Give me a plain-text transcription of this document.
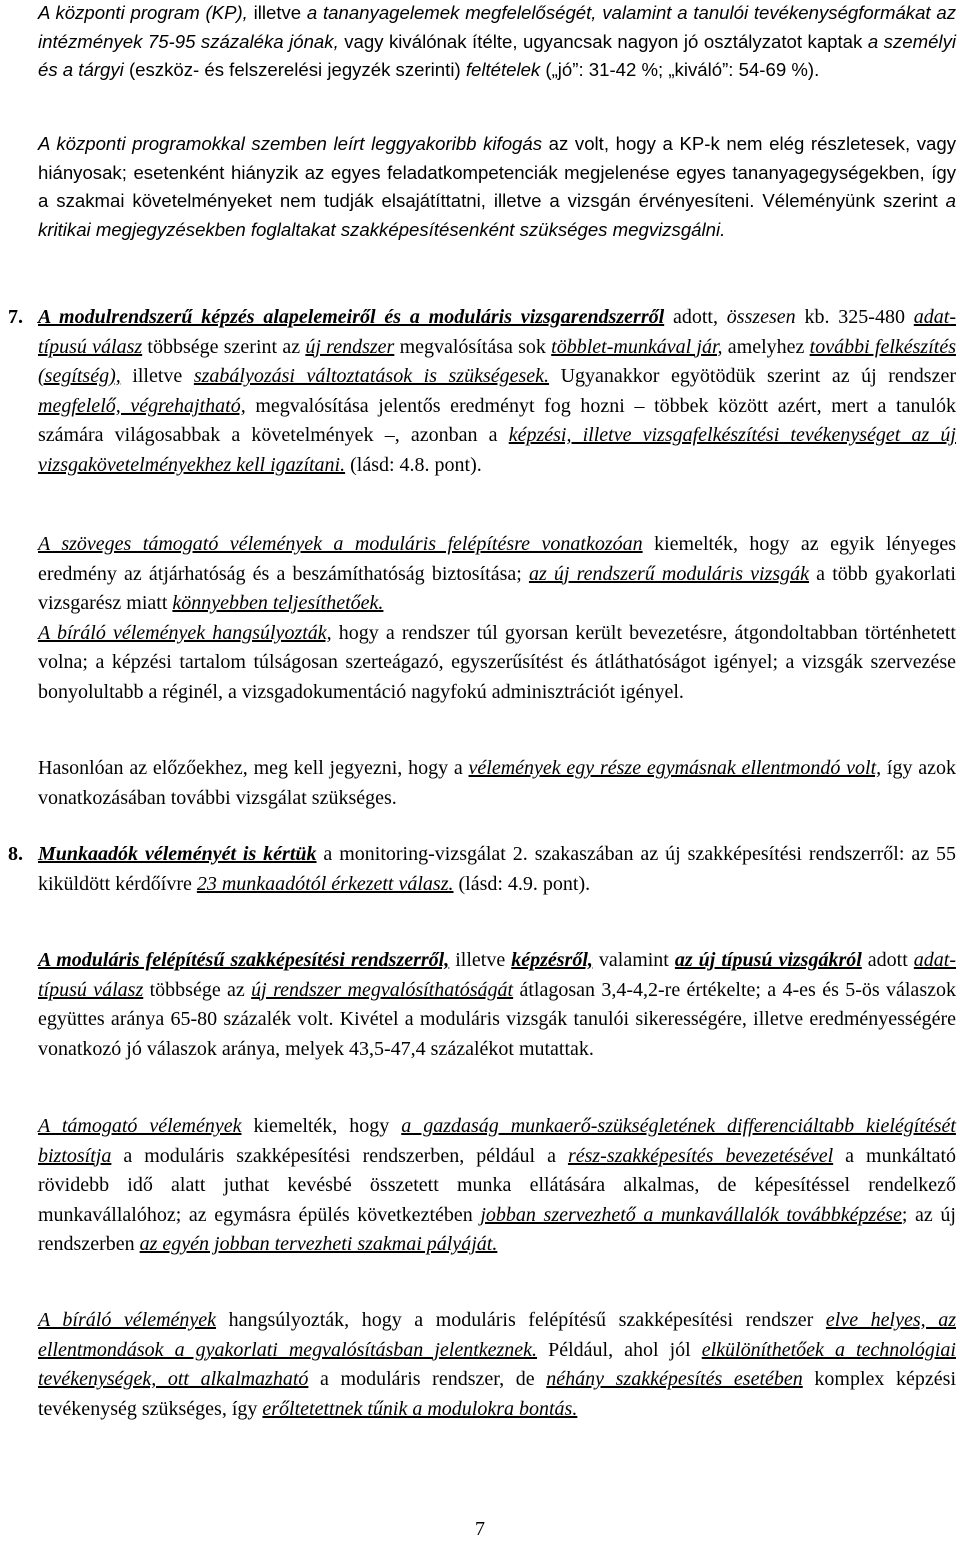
A központi program (KP), illetve a tananyagelemek megfelelőségét, valamint a tanulói tevékenységformákat az intézmények 75-95 százaléka jónak, vagy kiválónak ítélte, ugyancsak nagyon jó osztályzatot kaptak a személyi és a tárgyi (eszköz- és felszerelési jegyzék szerinti) feltételek („jó”: 31-42 %; „kiváló”: 54-69 %).

A központi programokkal szemben leírt leggyakoribb kifogás az volt, hogy a KP-k nem elég részletesek, vagy hiányosak; esetenként hiányzik az egyes feladatkompetenciák megjelenése egyes tananyagegységekben, így a szakmai követelményeket nem tudják elsajátíttatni, illetve a vizsgán érvényesíteni. Véleményünk szerint a kritikai megjegyzésekben foglaltakat szakképesítésenként szükséges megvizsgálni.

7. A modulrendszerű képzés alapelemeiről és a moduláris vizsgarendszerről adott, összesen kb. 325-480 adat-típusú válasz többsége szerint az új rendszer megvalósítása sok többlet-munkával jár, amelyhez további felkészítés (segítség), illetve szabályozási változtatások is szükségesek. Ugyanakkor egyötödük szerint az új rendszer megfelelő, végrehajtható, megvalósítása jelentős eredményt fog hozni – többek között azért, mert a tanulók számára világosabbak a követelmények –, azonban a képzési, illetve vizsgafelkészítési tevékenységet az új vizsgakövetelményekhez kell igazítani. (lásd: 4.8. pont).

A szöveges támogató vélemények a moduláris felépítésre vonatkozóan kiemelték, hogy az egyik lényeges eredmény az átjárhatóság és a beszámíthatóság biztosítása; az új rendszerű moduláris vizsgák a több gyakorlati vizsgarész miatt könnyebben teljesíthetőek.
A bíráló vélemények hangsúlyozták, hogy a rendszer túl gyorsan került bevezetésre, átgondoltabban történhetett volna; a képzési tartalom túlságosan szerteágazó, egyszerűsítést és átláthatóságot igényel; a vizsgák szervezése bonyolultabb a réginél, a vizsgadokumentáció nagyfokú adminisztrációt igényel.

Hasonlóan az előzőekhez, meg kell jegyezni, hogy a vélemények egy része egymásnak ellentmondó volt, így azok vonatkozásában további vizsgálat szükséges.

8. Munkaadók véleményét is kértük a monitoring-vizsgálat 2. szakaszában az új szakképesítési rendszerről: az 55 kiküldött kérdőívre 23 munkaadótól érkezett válasz. (lásd: 4.9. pont).

A moduláris felépítésű szakképesítési rendszerről, illetve képzésről, valamint az új típusú vizsgákról adott adat-típusú válasz többsége az új rendszer megvalósíthatóságát átlagosan 3,4-4,2-re értékelte; a 4-es és 5-ös válaszok együttes aránya 65-80 százalék volt. Kivétel a moduláris vizsgák tanulói sikerességére, illetve eredményességére vonatkozó jó válaszok aránya, melyek 43,5-47,4 százalékot mutattak.

A támogató vélemények kiemelték, hogy a gazdaság munkaerő-szükségletének differenciáltabb kielégítését biztosítja a moduláris szakképesítési rendszerben, például a rész-szakképesítés bevezetésével a munkáltató rövidebb idő alatt juthat kevésbé összetett munka ellátására alkalmas, de képesítéssel rendelkező munkavállalóhoz; az egymásra épülés következtében jobban szervezhető a munkavállalók továbbképzése; az új rendszerben az egyén jobban tervezheti szakmai pályáját.

A bíráló vélemények hangsúlyozták, hogy a moduláris felépítésű szakképesítési rendszer elve helyes, az ellentmondások a gyakorlati megvalósításban jelentkeznek. Például, ahol jól elkülöníthetőek a technológiai tevékenységek, ott alkalmazható a moduláris rendszer, de néhány szakképesítés esetében komplex képzési tevékenység szükséges, így erőltetettnek tűnik a modulokra bontás.

7
